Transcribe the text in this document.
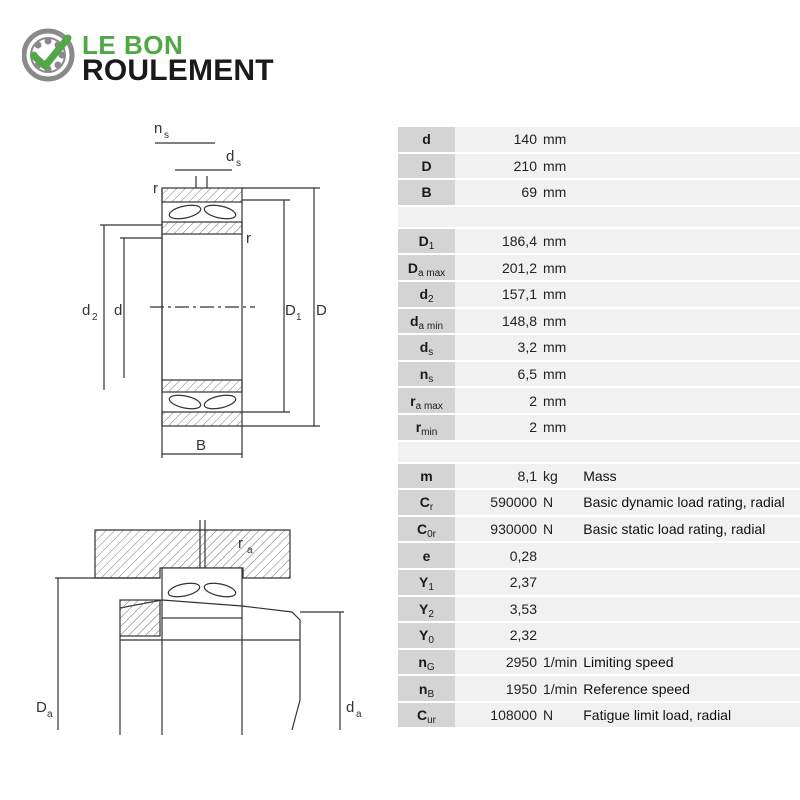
LE BON
ROULEMENT
n s
d s
r
r
d 2 d	D 1 D
B
r a
D a	d a
d	140	mm	
D	210	mm	
B	69	mm	

$D_1$	186,4	mm	
$D_{a max}$	201,2	mm	
$d_2$	157,1	mm	
$d_{a min}$	148,8	mm	
$d_s$	3,2	mm	
$n_s$	6,5	mm	
$r_{a max}$	2	mm	
$r_{min}$	2	mm	

m	8,1	kg	Mass
$C_r$	590000	N	Basic dynamic load rating, radial
$C_{0r}$	930000	N	Basic static load rating, radial
e	0,28		
$Y_1$	2,37		
$Y_2$	3,53		
$Y_0$	2,32		
$n_G$	2950	1/min	Limiting speed
$n_B$	1950	1/min	Reference speed
$C_{ur}$	108000	N	Fatigue limit load, radial
